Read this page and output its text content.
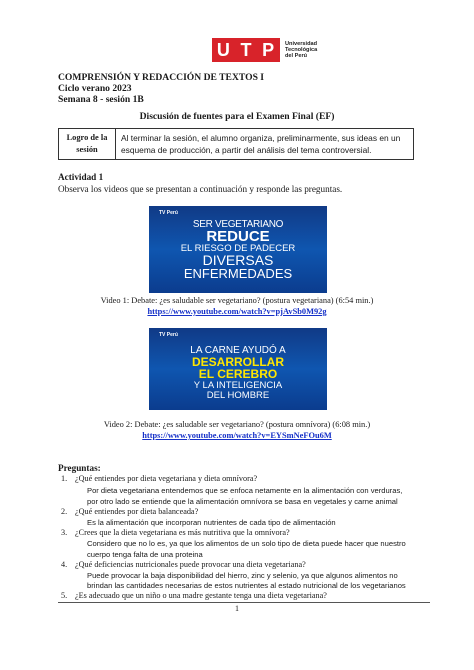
U T P Universidad
Tecnológica
del Perú
COMPRENSIÓN Y REDACCIÓN DE TEXTOS I
Ciclo verano 2023
Semana 8 - sesión 1B
Discusión de fuentes para el Examen Final (EF)
Logro de la sesión	Al terminar la sesión, el alumno organiza, preliminarmente, sus ideas en un esquema de producción, a partir del análisis del tema controversial.
Actividad 1
Observa los videos que se presentan a continuación y responde las preguntas.
TV Perú
SER VEGETARIANO
REDUCE
EL RIESGO DE PADECER
DIVERSAS
ENFERMEDADES
Video 1: Debate: ¿es saludable ser vegetariano? (postura vegetariana) (6:54 min.)
https://www.youtube.com/watch?v=pjAvSb0M92g
TV Perú
LA CARNE AYUDÓ A
DESARROLLAR
EL CEREBRO
Y LA INTELIGENCIA
DEL HOMBRE
Video 2: Debate: ¿es saludable ser vegetariano? (postura omnívora) (6:08 min.)
https://www.youtube.com/watch?v=EYSmNeFOu6M
Preguntas:
1. ¿Qué entiendes por dieta vegetariana y dieta omnívora?
Por dieta vegetariana entendemos que se enfoca netamente en la alimentación con verduras,
por otro lado se entiende que la alimentación omnívora se basa en vegetales y carne animal
2. ¿Qué entiendes por dieta balanceada?
Es la alimentación que incorporan nutrientes de cada tipo de alimentación
3. ¿Crees que la dieta vegetariana es más nutritiva que la omnívora?
Considero que no lo es, ya que los alimentos de un solo tipo de dieta puede hacer que nuestro
cuerpo tenga falta de una proteina
4. ¿Qué deficiencias nutricionales puede provocar una dieta vegetariana?
Puede provocar la baja disponibilidad del hierro, zinc y selenio, ya que algunos alimentos no
brindan las cantidades necesarias de estos nutrientes al estado nutricional de los vegetarianos
5. ¿Es adecuado que un niño o una madre gestante tenga una dieta vegetariana?
1
